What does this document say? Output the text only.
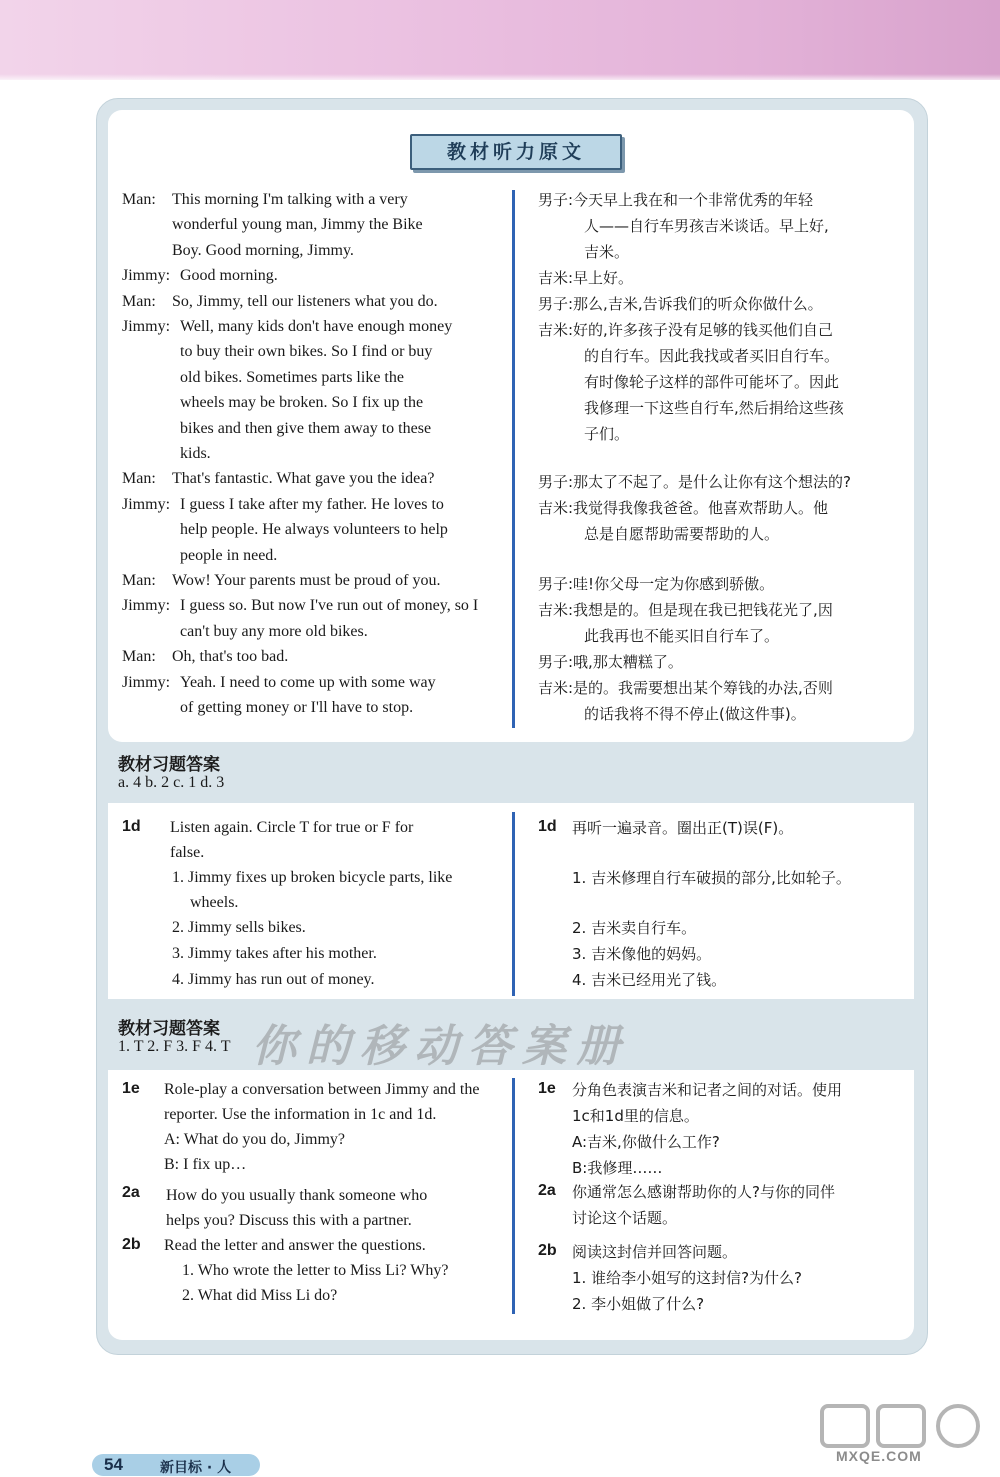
教材听力原文
Man: This morning I'm talking with a very
wonderful young man, Jimmy the Bike
Boy. Good morning, Jimmy.
Jimmy: Good morning.
Man: So, Jimmy, tell our listeners what you do.
Jimmy: Well, many kids don't have enough money
to buy their own bikes. So I find or buy
old bikes. Sometimes parts like the
wheels may be broken. So I fix up the
bikes and then give them away to these
kids.
Man: That's fantastic. What gave you the idea?
Jimmy: I guess I take after my father. He loves to
help people. He always volunteers to help
people in need.
Man: Wow! Your parents must be proud of you.
Jimmy: I guess so. But now I've run out of money, so I
can't buy any more old bikes.
Man: Oh, that's too bad.
Jimmy: Yeah. I need to come up with some way
of getting money or I'll have to stop.
男子:今天早上我在和一个非常优秀的年轻
人——自行车男孩吉米谈话。早上好,
吉米。
吉米:早上好。
男子:那么,吉米,告诉我们的听众你做什么。
吉米:好的,许多孩子没有足够的钱买他们自己
的自行车。因此我找或者买旧自行车。
有时像轮子这样的部件可能坏了。因此
我修理一下这些自行车,然后捐给这些孩
子们。
男子:那太了不起了。是什么让你有这个想法的?
吉米:我觉得我像我爸爸。他喜欢帮助人。他
总是自愿帮助需要帮助的人。
男子:哇!你父母一定为你感到骄傲。
吉米:我想是的。但是现在我已把钱花光了,因
此我再也不能买旧自行车了。
男子:哦,那太糟糕了。
吉米:是的。我需要想出某个筹钱的办法,否则
的话我将不得不停止(做这件事)。
教材习题答案
a. 4 b. 2 c. 1 d. 3
1d	1d
Listen again. Circle T for true or F for
false.
1. Jimmy fixes up broken bicycle parts, like
wheels.
2. Jimmy sells bikes.
3. Jimmy takes after his mother.
4. Jimmy has run out of money.
再听一遍录音。圈出正(T)误(F)。
1. 吉米修理自行车破损的部分,比如轮子。
2. 吉米卖自行车。
3. 吉米像他的妈妈。
4. 吉米已经用光了钱。
你的移动答案册
教材习题答案
1. T 2. F 3. F 4. T
1e	1e
2a	2a
2b	2b
Role-play a conversation between Jimmy and the
reporter. Use the information in 1c and 1d.
A: What do you do, Jimmy?
B: I fix up…
分角色表演吉米和记者之间的对话。使用
1c和1d里的信息。
A:吉米,你做什么工作?
B:我修理……
How do you usually thank someone who
helps you? Discuss this with a partner.
你通常怎么感谢帮助你的人?与你的同伴
讨论这个话题。
Read the letter and answer the questions.
1. Who wrote the letter to Miss Li? Why?
2. What did Miss Li do?
阅读这封信并回答问题。
1. 谁给李小姐写的这封信?为什么?
2. 李小姐做了什么?
54	新目标 · 人
MXQE.COM
